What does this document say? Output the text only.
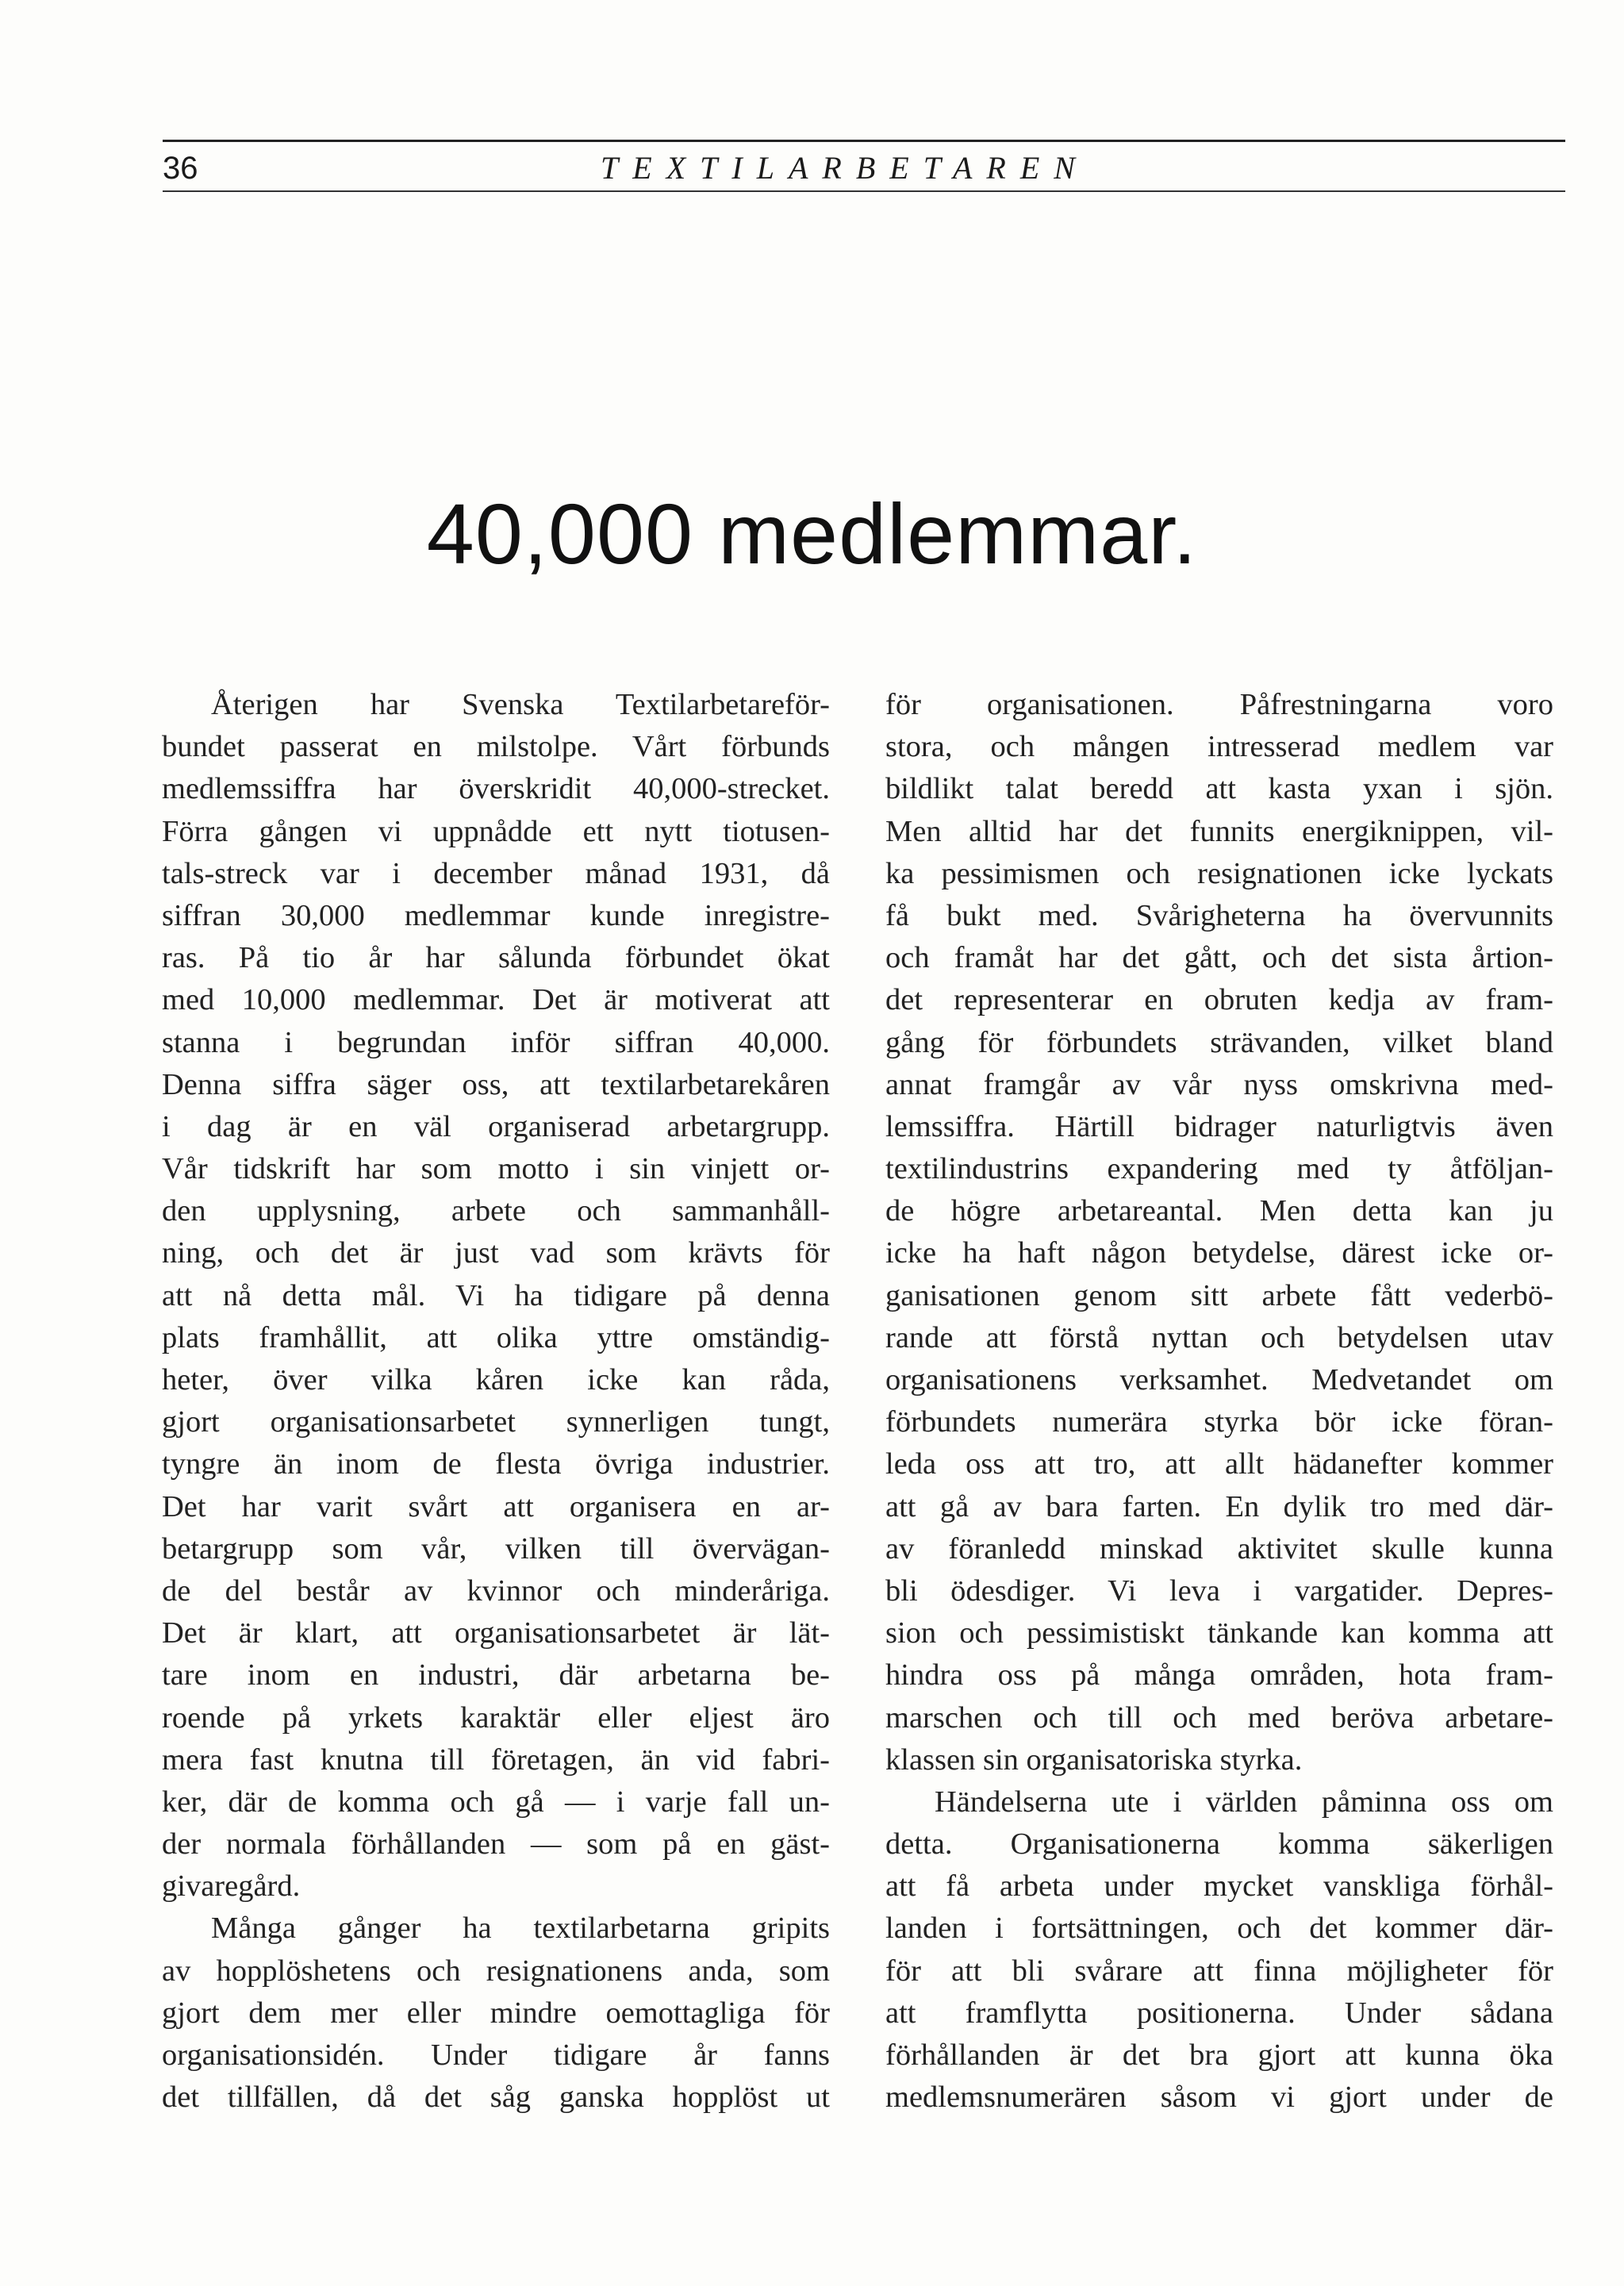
36	TEXTILARBETAREN
40,000 medlemmar.
Återigen har Svenska Textilarbetareför-
bundet passerat en milstolpe. Vårt förbunds
medlemssiffra har överskridit 40,000-strecket.
Förra gången vi uppnådde ett nytt tiotusen-
tals-streck var i december månad 1931, då
siffran 30,000 medlemmar kunde inregistre-
ras. På tio år har sålunda förbundet ökat
med 10,000 medlemmar. Det är motiverat att
stanna i begrundan inför siffran 40,000.
Denna siffra säger oss, att textilarbetarekåren
i dag är en väl organiserad arbetargrupp.
Vår tidskrift har som motto i sin vinjett or-
den upplysning, arbete och sammanhåll-
ning, och det är just vad som krävts för
att nå detta mål. Vi ha tidigare på denna
plats framhållit, att olika yttre omständig-
heter, över vilka kåren icke kan råda,
gjort organisationsarbetet synnerligen tungt,
tyngre än inom de flesta övriga industrier.
Det har varit svårt att organisera en ar-
betargrupp som vår, vilken till övervägan-
de del består av kvinnor och minderåriga.
Det är klart, att organisationsarbetet är lät-
tare inom en industri, där arbetarna be-
roende på yrkets karaktär eller eljest äro
mera fast knutna till företagen, än vid fabri-
ker, där de komma och gå — i varje fall un-
der normala förhållanden — som på en gäst-
givaregård.
Många gånger ha textilarbetarna gripits
av hopplöshetens och resignationens anda, som
gjort dem mer eller mindre oemottagliga för
organisationsidén. Under tidigare år fanns
det tillfällen, då det såg ganska hopplöst ut
för organisationen. Påfrestningarna voro
stora, och mången intresserad medlem var
bildlikt talat beredd att kasta yxan i sjön.
Men alltid har det funnits energiknippen, vil-
ka pessimismen och resignationen icke lyckats
få bukt med. Svårigheterna ha övervunnits
och framåt har det gått, och det sista årtion-
det representerar en obruten kedja av fram-
gång för förbundets strävanden, vilket bland
annat framgår av vår nyss omskrivna med-
lemssiffra. Härtill bidrager naturligtvis även
textilindustrins expandering med ty åtföljan-
de högre arbetareantal. Men detta kan ju
icke ha haft någon betydelse, därest icke or-
ganisationen genom sitt arbete fått vederbö-
rande att förstå nyttan och betydelsen utav
organisationens verksamhet. Medvetandet om
förbundets numerära styrka bör icke föran-
leda oss att tro, att allt hädanefter kommer
att gå av bara farten. En dylik tro med där-
av föranledd minskad aktivitet skulle kunna
bli ödesdiger. Vi leva i vargatider. Depres-
sion och pessimistiskt tänkande kan komma att
hindra oss på många områden, hota fram-
marschen och till och med beröva arbetare-
klassen sin organisatoriska styrka.
Händelserna ute i världen påminna oss om
detta. Organisationerna komma säkerligen
att få arbeta under mycket vanskliga förhål-
landen i fortsättningen, och det kommer där-
för att bli svårare att finna möjligheter för
att framflytta positionerna. Under sådana
förhållanden är det bra gjort att kunna öka
medlemsnumerären såsom vi gjort under de
